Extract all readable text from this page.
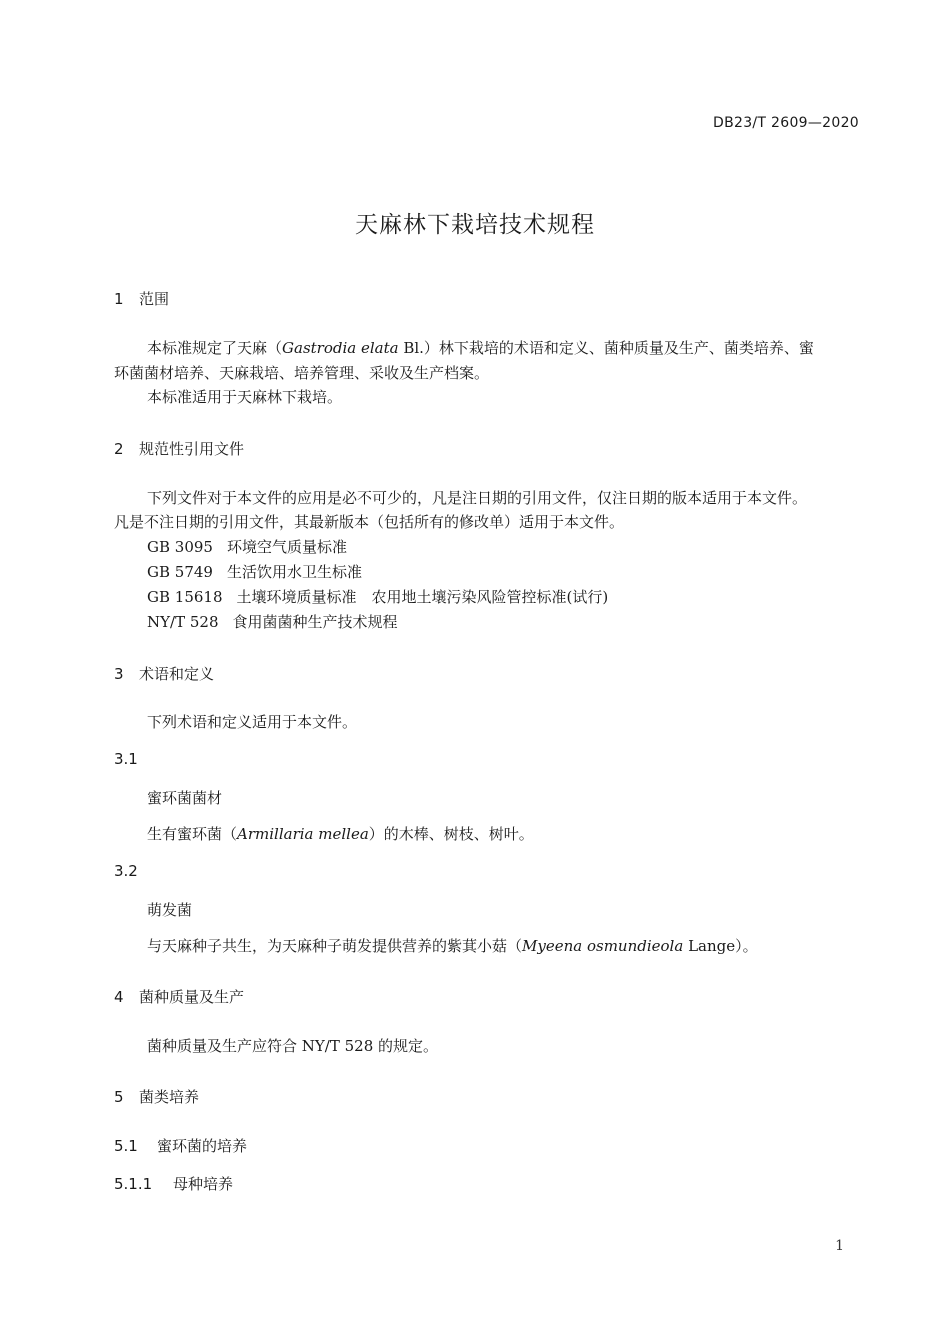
DB23/T 2609—2020
天麻林下栽培技术规程
1 范围
本标准规定了天麻（Gastrodia elata Bl.）林下栽培的术语和定义、菌种质量及生产、菌类培养、蜜
环菌菌材培养、天麻栽培、培养管理、采收及生产档案。
本标准适用于天麻林下栽培。
2 规范性引用文件
下列文件对于本文件的应用是必不可少的，凡是注日期的引用文件，仅注日期的版本适用于本文件。
凡是不注日期的引用文件，其最新版本（包括所有的修改单）适用于本文件。
GB 3095 环境空气质量标准
GB 5749 生活饮用水卫生标准
GB 15618 土壤环境质量标准　农用地土壤污染风险管控标准(试行)
NY/T 528 食用菌菌种生产技术规程
3 术语和定义
下列术语和定义适用于本文件。
3.1
蜜环菌菌材
生有蜜环菌（Armillaria mellea）的木棒、树枝、树叶。
3.2
萌发菌
与天麻种子共生，为天麻种子萌发提供营养的紫萁小菇（Myeena osmundieola Lange）。
4 菌种质量及生产
菌种质量及生产应符合 NY/T 528 的规定。
5 菌类培养
5.1 蜜环菌的培养
5.1.1 母种培养
1
